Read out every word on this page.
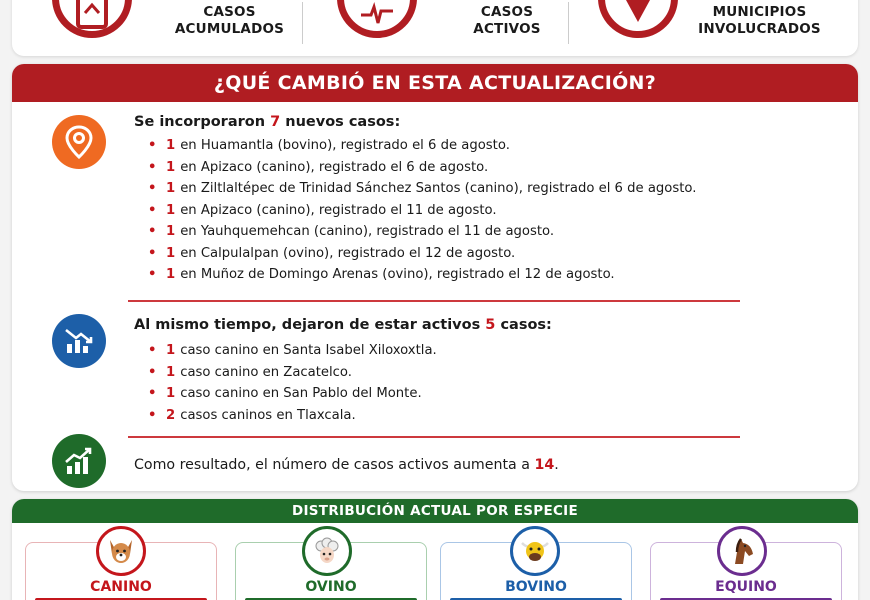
CASOS
ACUMULADOS
CASOS
ACTIVOS
MUNICIPIOS
INVOLUCRADOS
¿QUÉ CAMBIÓ EN ESTA ACTUALIZACIÓN?
Se incorporaron 7 nuevos casos:
• 1 en Huamantla (bovino), registrado el 6 de agosto.
• 1 en Apizaco (canino), registrado el 6 de agosto.
• 1 en Ziltlaltépec de Trinidad Sánchez Santos (canino), registrado el 6 de agosto.
• 1 en Apizaco (canino), registrado el 11 de agosto.
• 1 en Yauhquemehcan (canino), registrado el 11 de agosto.
• 1 en Calpulalpan (ovino), registrado el 12 de agosto.
• 1 en Muñoz de Domingo Arenas (ovino), registrado el 12 de agosto.
Al mismo tiempo, dejaron de estar activos 5 casos:
• 1 caso canino en Santa Isabel Xiloxoxtla.
• 1 caso canino en Zacatelco.
• 1 caso canino en San Pablo del Monte.
• 2 casos caninos en Tlaxcala.
Como resultado, el número de casos activos aumenta a 14.
DISTRIBUCIÓN ACTUAL POR ESPECIE
CANINO	OVINO	BOVINO	EQUINO
